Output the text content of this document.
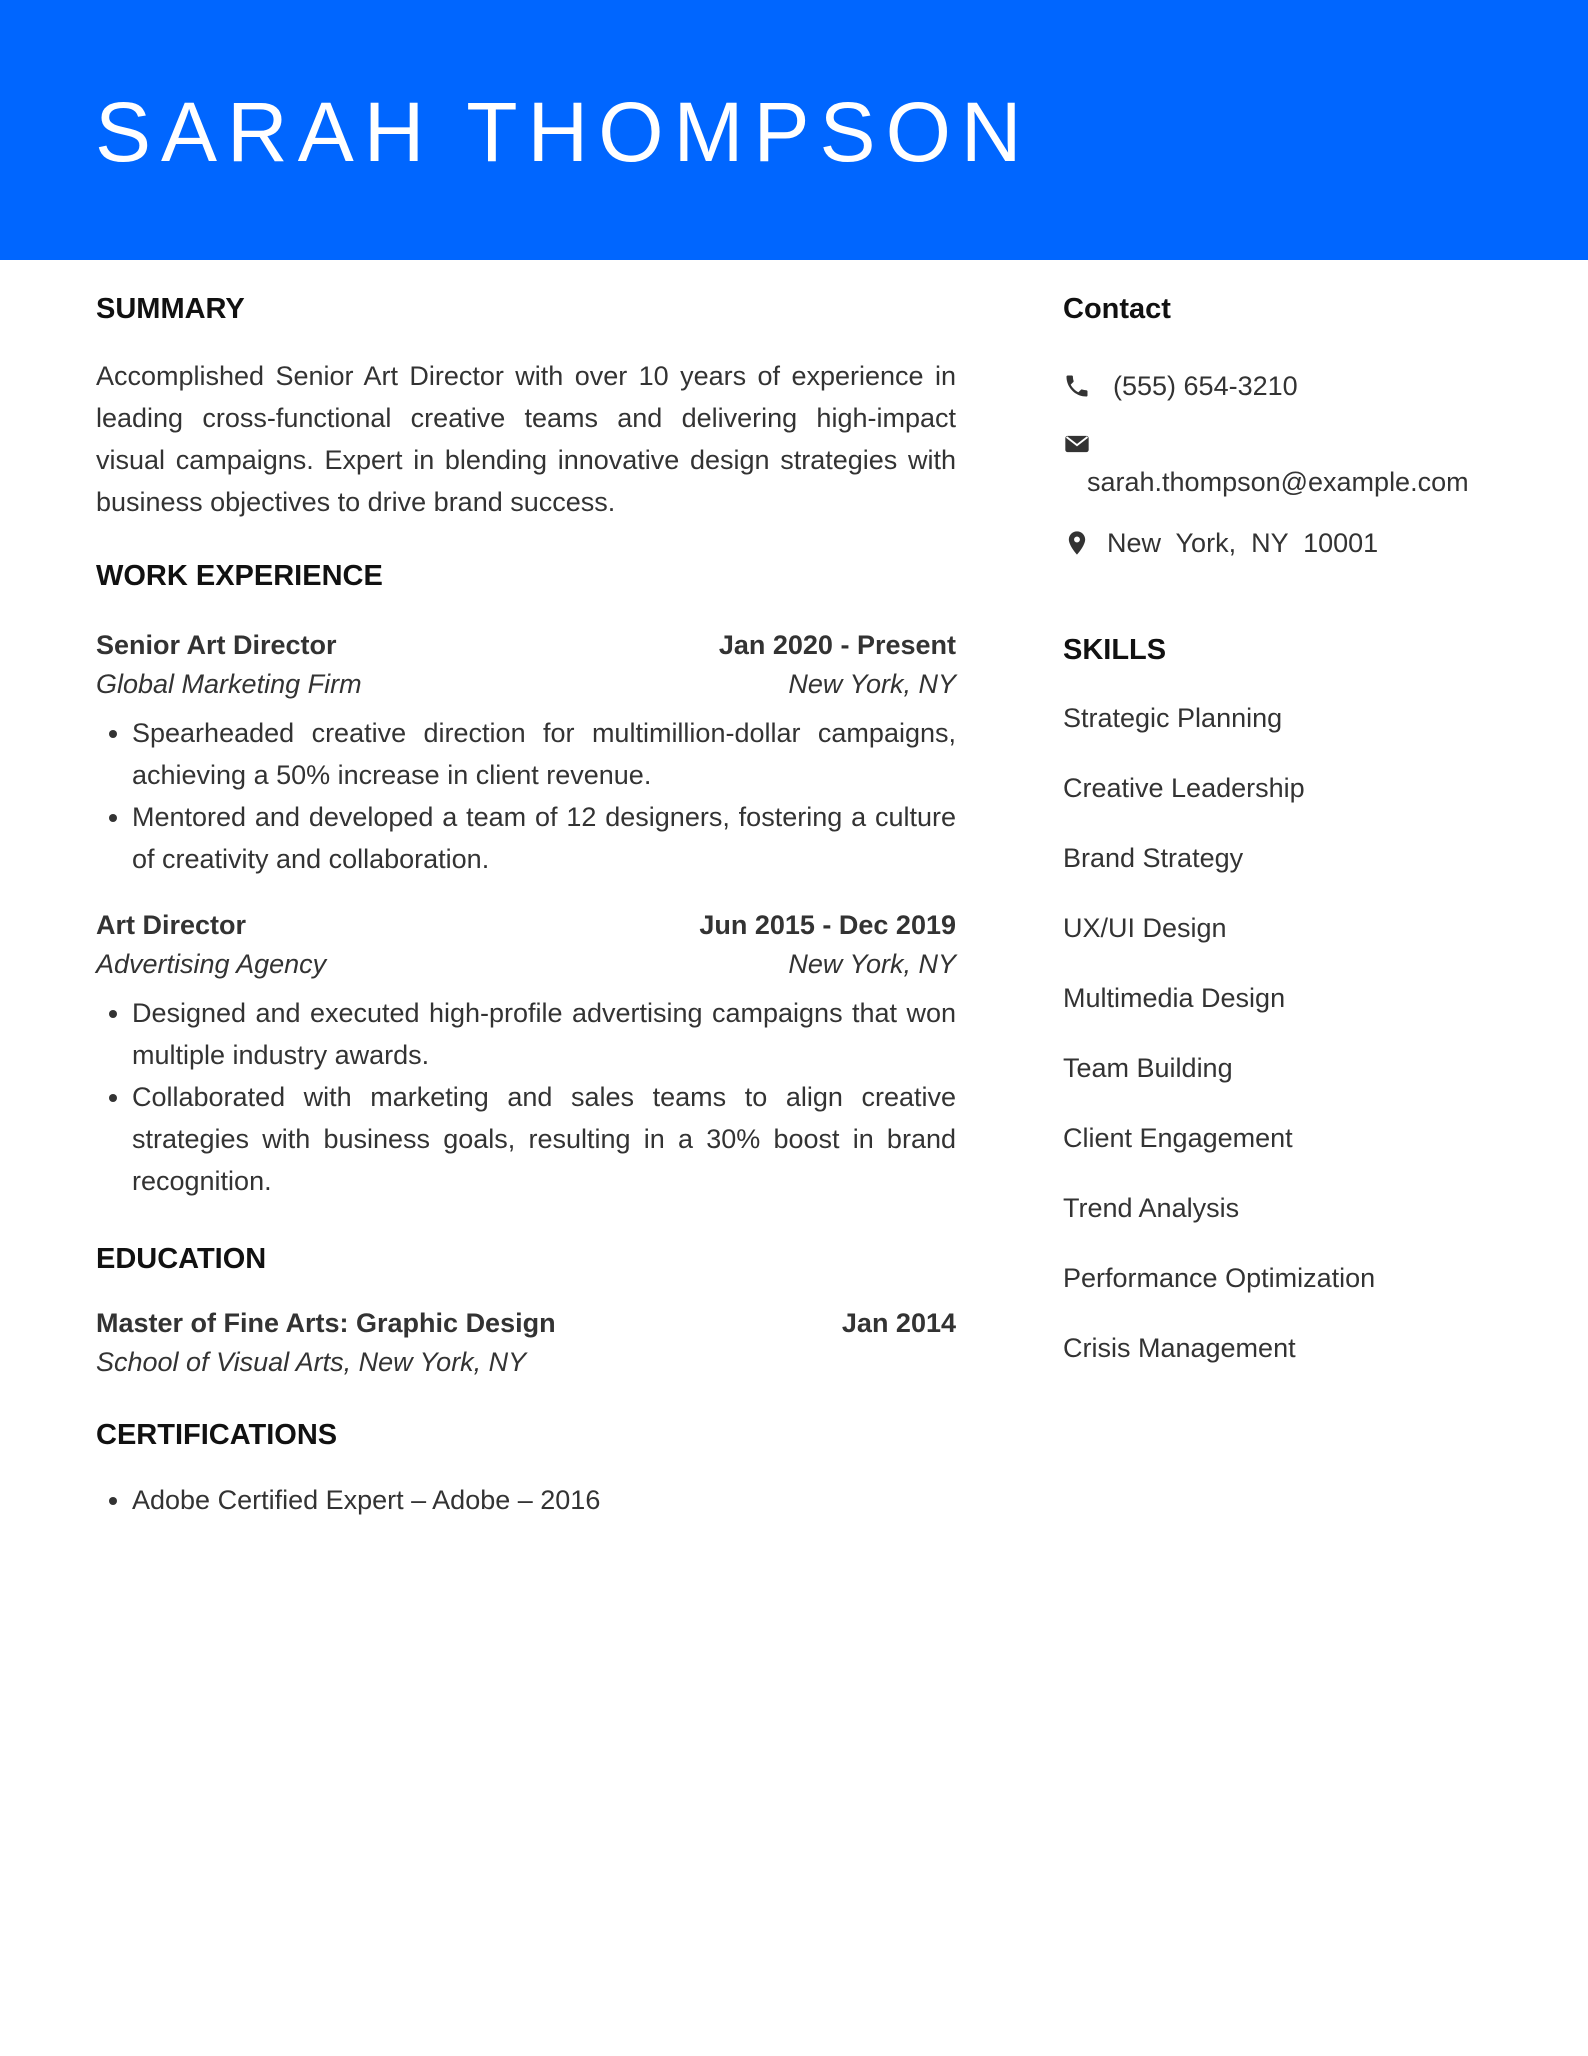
SARAH THOMPSON
SUMMARY

Accomplished Senior Art Director with over 10 years of experience in leading cross-functional creative teams and delivering high-impact visual campaigns. Expert in blending innovative design strategies with business objectives to drive brand success.

WORK EXPERIENCE
Senior Art Director	Jan 2020 - Present
Global Marketing Firm	New York, NY
• Spearheaded creative direction for multimillion-dollar campaigns, achieving a 50% increase in client revenue.
• Mentored and developed a team of 12 designers, fostering a culture of creativity and collaboration.
Art Director	Jun 2015 - Dec 2019
Advertising Agency	New York, NY
• Designed and executed high-profile advertising campaigns that won multiple industry awards.
• Collaborated with marketing and sales teams to align creative strategies with business goals, resulting in a 30% boost in brand recognition.
EDUCATION
Master of Fine Arts: Graphic Design	Jan 2014
School of Visual Arts, New York, NY
CERTIFICATIONS
• Adobe Certified Expert – Adobe – 2016
Contact
(555) 654-3210
sarah.thompson@example.com
New  York,  NY  10001
SKILLS
Strategic Planning
Creative Leadership
Brand Strategy
UX/UI Design
Multimedia Design
Team Building
Client Engagement
Trend Analysis
Performance Optimization
Crisis Management
